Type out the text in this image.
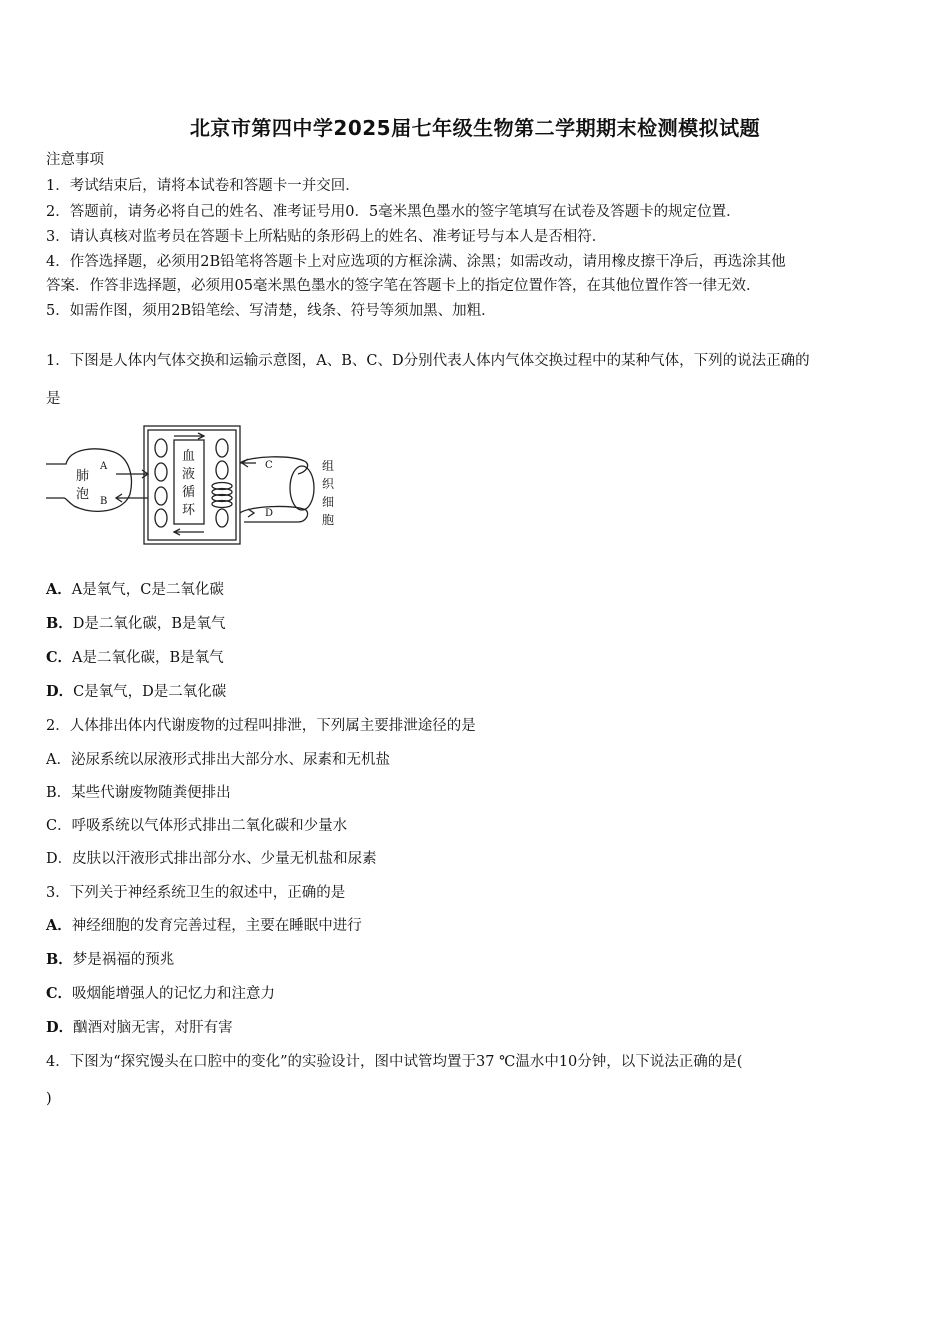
北京市第四中学2025届七年级生物第二学期期末检测模拟试题
注意事项
1．考试结束后，请将本试卷和答题卡一并交回．
2．答题前，请务必将自己的姓名、准考证号用0．5毫米黑色墨水的签字笔填写在试卷及答题卡的规定位置．
3．请认真核对监考员在答题卡上所粘贴的条形码上的姓名、准考证号与本人是否相符．
4．作答选择题，必须用2B铅笔将答题卡上对应选项的方框涂满、涂黑；如需改动，请用橡皮擦干净后，再选涂其他
答案．作答非选择题，必须用05毫米黑色墨水的签字笔在答题卡上的指定位置作答，在其他位置作答一律无效．
5．如需作图，须用2B铅笔绘、写清楚，线条、符号等须加黑、加粗．
1．下图是人体内气体交换和运输示意图，A、B、C、D分别代表人体内气体交换过程中的某种气体，下列的说法正确的
是
肺
泡
A
B
C
D
血
液
循
环
组
织
细
胞
A．A是氧气，C是二氧化碳
B．D是二氧化碳，B是氧气
C．A是二氧化碳，B是氧气
D．C是氧气，D是二氧化碳
2．人体排出体内代谢废物的过程叫排泄，下列属主要排泄途径的是
A．泌尿系统以尿液形式排出大部分水、尿素和无机盐
B．某些代谢废物随粪便排出
C．呼吸系统以气体形式排出二氧化碳和少量水
D．皮肤以汗液形式排出部分水、少量无机盐和尿素
3．下列关于神经系统卫生的叙述中，正确的是
A．神经细胞的发育完善过程，主要在睡眠中进行
B．梦是祸福的预兆
C．吸烟能增强人的记忆力和注意力
D．酗酒对脑无害，对肝有害
4．下图为“探究馒头在口腔中的变化”的实验设计，图中试管均置于37 ℃温水中10分钟，以下说法正确的是(
)
